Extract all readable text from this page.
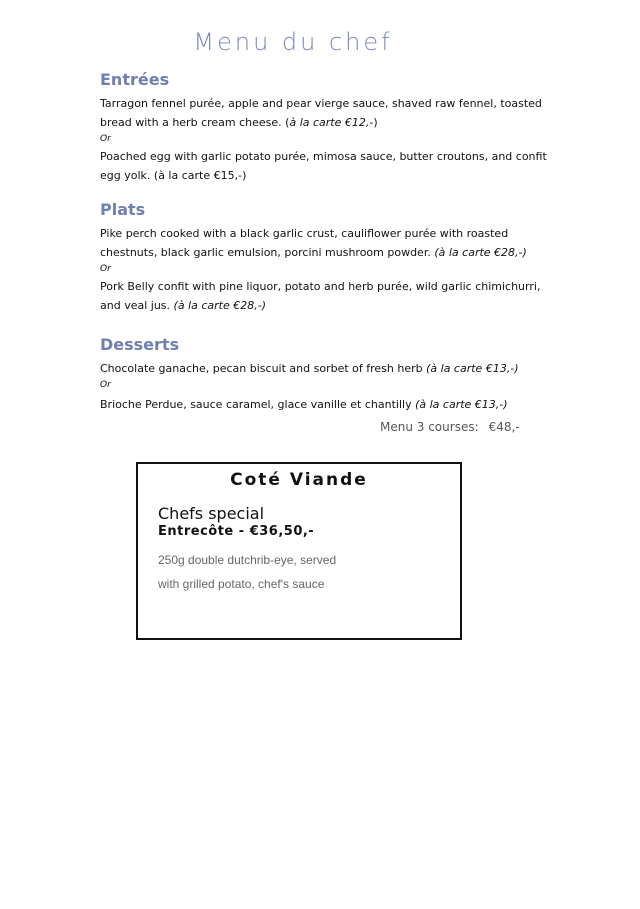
Menu du chef
Entrées

Tarragon fennel purée, apple and pear vierge sauce, shaved raw fennel, toasted bread with a herb cream cheese. (à la carte €12,-)

Or

Poached egg with garlic potato purée, mimosa sauce, butter croutons, and confit egg yolk. (à la carte €15,-)

Plats

Pike perch cooked with a black garlic crust, cauliflower purée with roasted chestnuts, black garlic emulsion, porcini mushroom powder. (à la carte €28,-)

Or

Pork Belly confit with pine liquor, potato and herb purée, wild garlic chimichurri, and veal jus. (à la carte €28,-)

Desserts

Chocolate ganache, pecan biscuit and sorbet of fresh herb (à la carte €13,-)

Or

Brioche Perdue, sauce caramel, glace vanille et chantilly (à la carte €13,-)

Menu 3 courses: €48,-
Coté Viande
Chefs special
Entrecôte - €36,50,-
250g double dutchrib-eye, served
with grilled potato, chef's sauce
